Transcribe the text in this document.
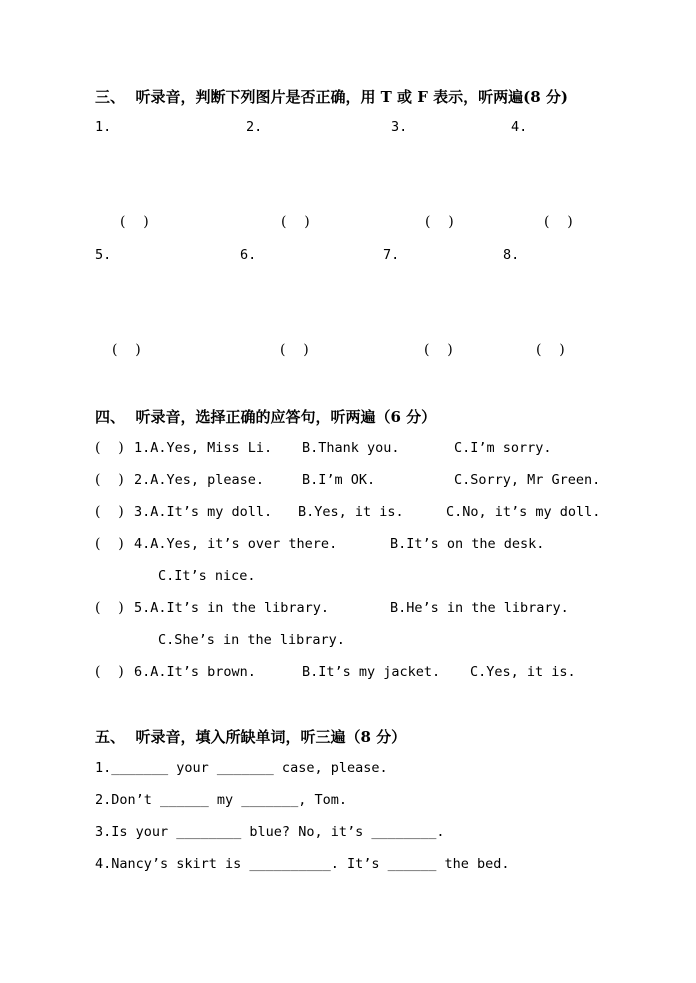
三、  听录音，判断下列图片是否正确，用 T 或 F 表示，听两遍(8 分)
1.	2.	3.	4.
(    )	(    )	(    )	(    )
5.	6.	7.	8.
(    )	(    )	(    )	(    )
四、  听录音，选择正确的应答句，听两遍（6 分）
(    ) 1.A.Yes, Miss Li. B.Thank you.	C.I’m sorry.
(    ) 2.A.Yes, please.	B.I’m OK.	C.Sorry, Mr Green.
(    ) 3.A.It’s my doll. B.Yes, it is.	C.No, it’s my doll.
(    ) 4.A.Yes, it’s over there.	B.It’s on the desk.
C.It’s nice.
(    ) 5.A.It’s in the library.	B.He’s in the library.
C.She’s in the library.
(    ) 6.A.It’s brown.	B.It’s my jacket. C.Yes, it is.
五、  听录音，填入所缺单词，听三遍（8 分）
1._______ your _______ case, please.
2.Don’t ______ my _______, Tom.
3.Is your ________ blue? No, it’s ________.
4.Nancy’s skirt is __________. It’s ______ the bed.
